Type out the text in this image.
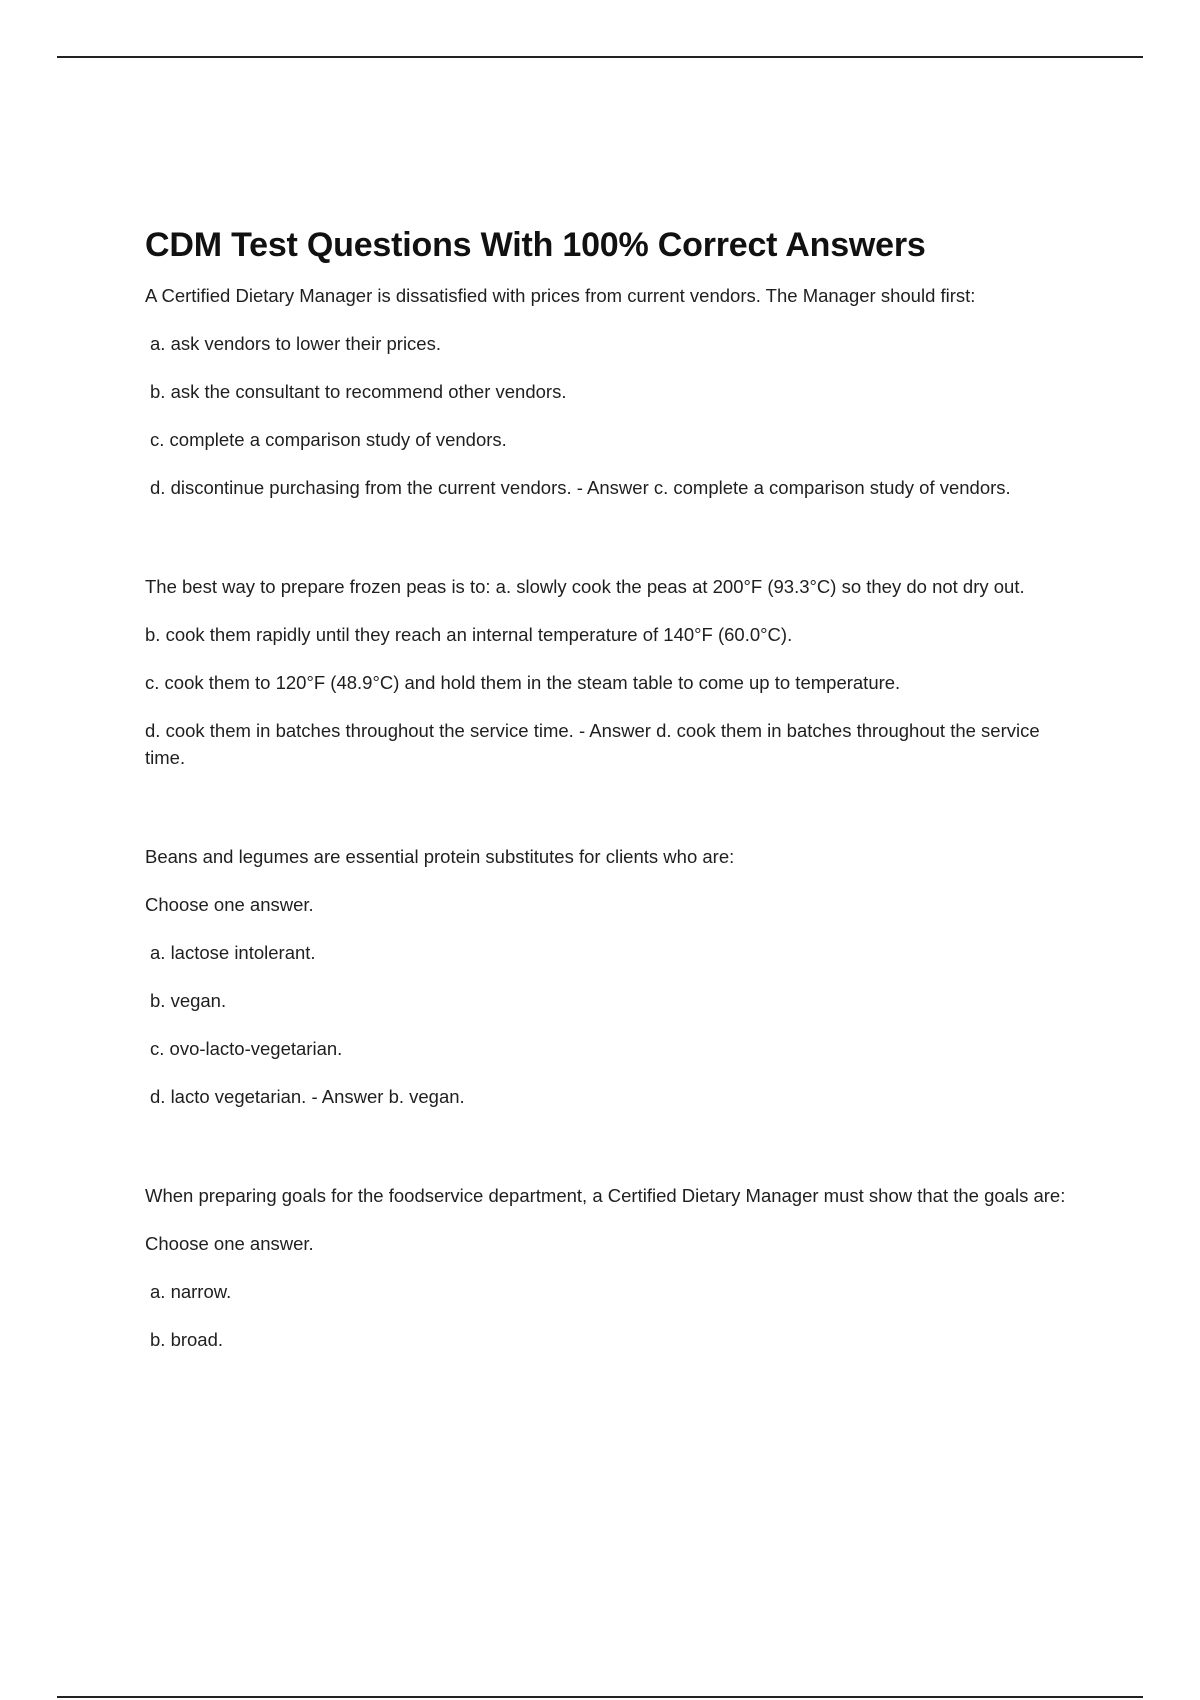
CDM Test Questions With 100% Correct Answers

A Certified Dietary Manager is dissatisfied with prices from current vendors. The Manager should first:

a. ask vendors to lower their prices.

b. ask the consultant to recommend other vendors.

c. complete a comparison study of vendors.

d. discontinue purchasing from the current vendors. - Answer c. complete a comparison study of vendors.

The best way to prepare frozen peas is to: a. slowly cook the peas at 200°F (93.3°C) so they do not dry out.

b. cook them rapidly until they reach an internal temperature of 140°F (60.0°C).

c. cook them to 120°F (48.9°C) and hold them in the steam table to come up to temperature.

d. cook them in batches throughout the service time. - Answer d. cook them in batches throughout the service time.

Beans and legumes are essential protein substitutes for clients who are:

Choose one answer.

a. lactose intolerant.

b. vegan.

c. ovo-lacto-vegetarian.

d. lacto vegetarian. - Answer b. vegan.

When preparing goals for the foodservice department, a Certified Dietary Manager must show that the goals are:

Choose one answer.

a. narrow.

b. broad.
